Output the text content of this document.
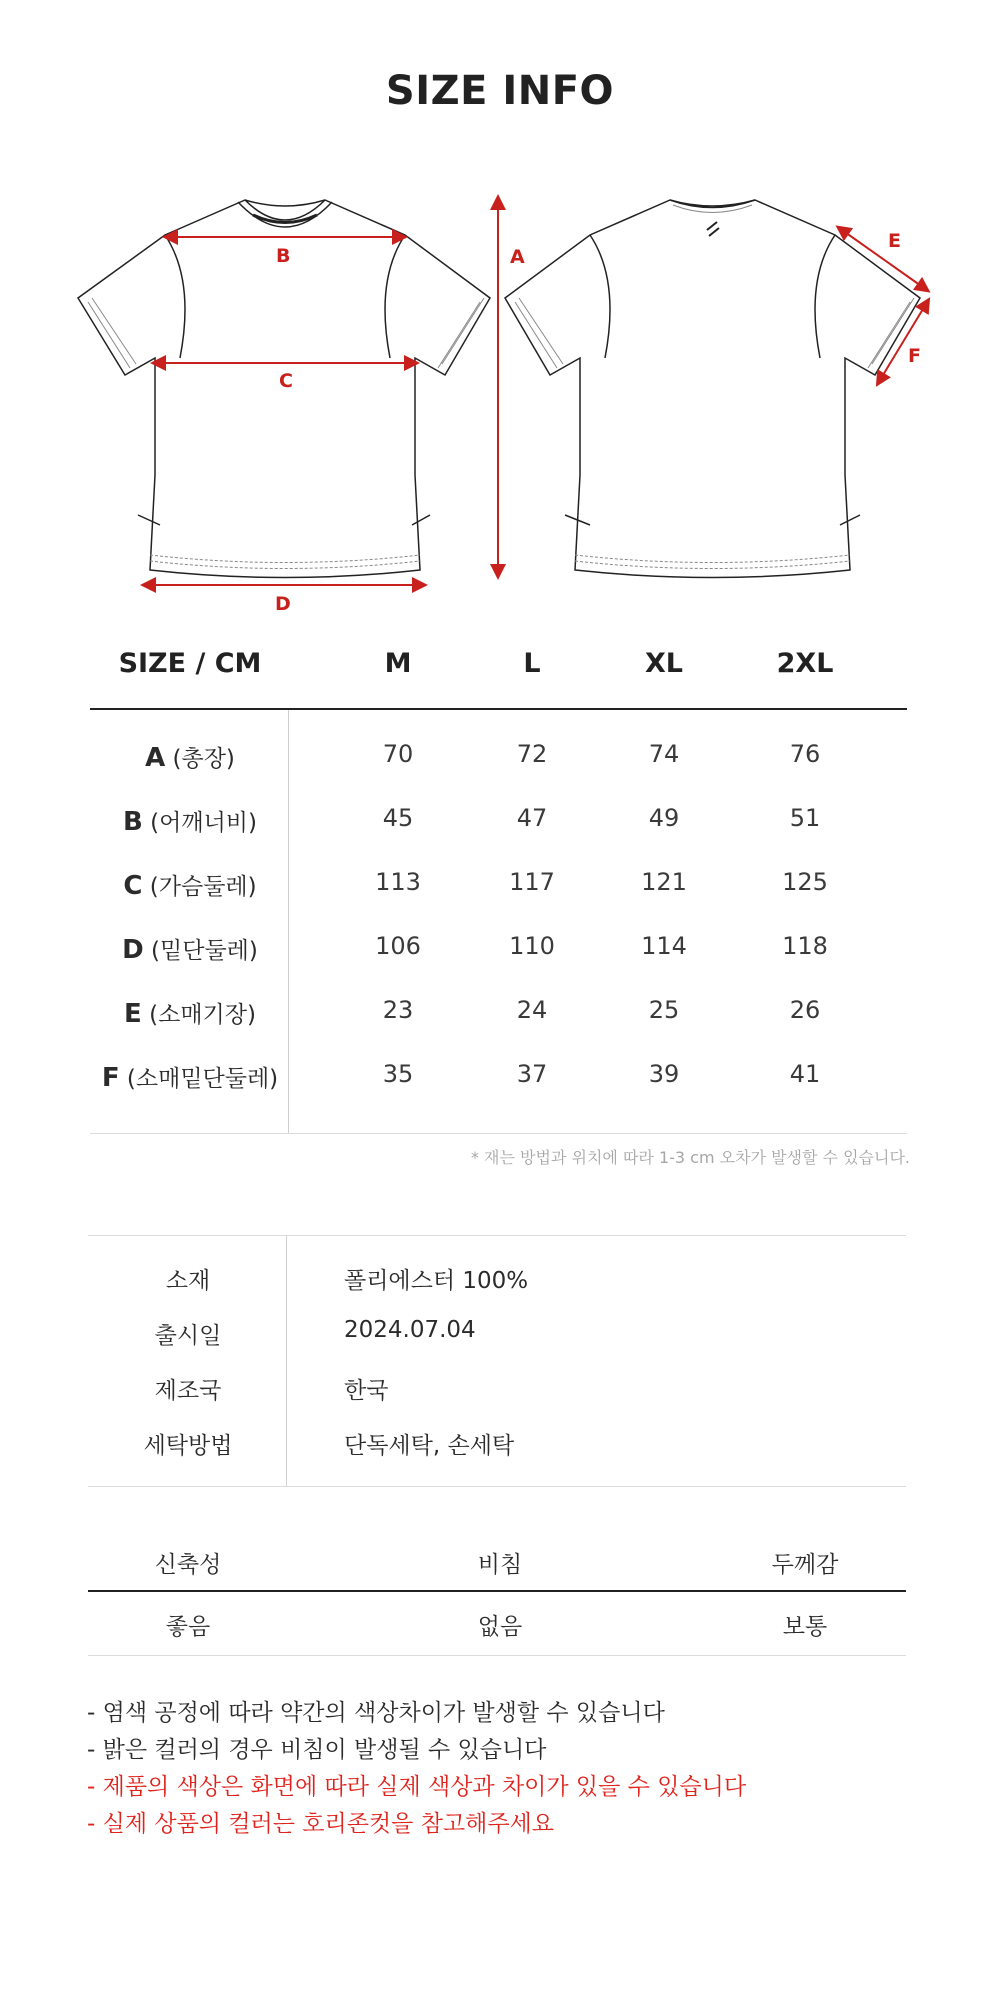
SIZE INFO
B
C
D
A
E
F
SIZE / CM	M	L	XL	2XL
A (총장)	70	72	74	76
B (어깨너비)	45	47	49	51
C (가슴둘레)	113	117	121	125
D (밑단둘레)	106	110	114	118
E (소매기장)	23	24	25	26
F (소매밑단둘레)	35	37	39	41
* 재는 방법과 위치에 따라 1-3 cm 오차가 발생할 수 있습니다.
소재	폴리에스터 100%
출시일	2024.07.04
제조국	한국
세탁방법	단독세탁, 손세탁
신축성	비침	두께감
좋음	없음	보통
- 염색 공정에 따라 약간의 색상차이가 발생할 수 있습니다
- 밝은 컬러의 경우 비침이 발생될 수 있습니다
- 제품의 색상은 화면에 따라 실제 색상과 차이가 있을 수 있습니다
- 실제 상품의 컬러는 호리존컷을 참고해주세요
